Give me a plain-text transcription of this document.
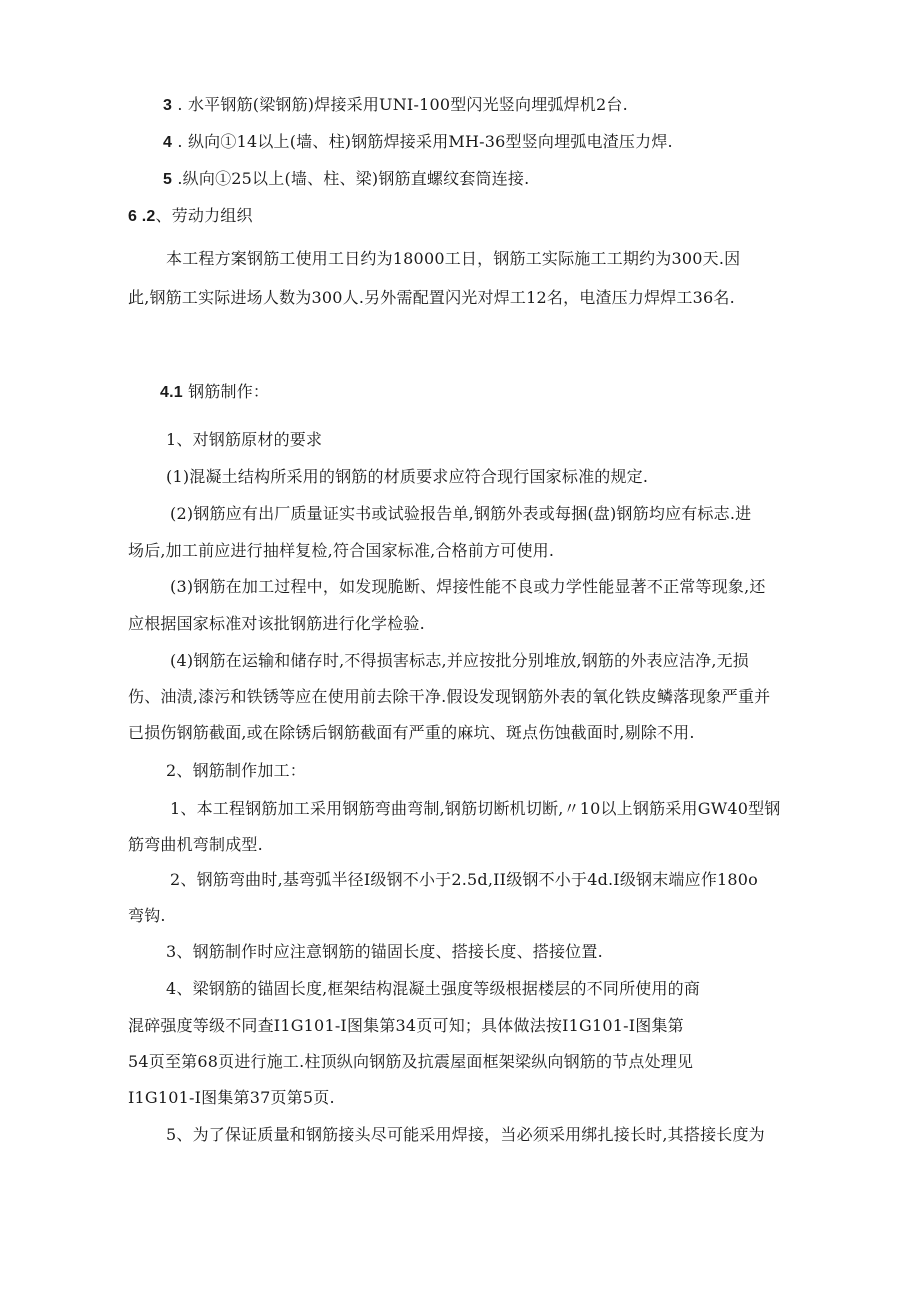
3 . 水平钢筋(梁钢筋)焊接采用UNI-100型闪光竖向埋弧焊机2台.
4 . 纵向①14以上(墙、柱)钢筋焊接采用MH-36型竖向埋弧电渣压力焊.
5 .纵向①25以上(墙、柱、梁)钢筋直螺纹套筒连接.
6 .2、劳动力组织
本工程方案钢筋工使用工日约为18000工日，钢筋工实际施工工期约为300天.因
此,钢筋工实际进场人数为300人.另外需配置闪光对焊工12名，电渣压力焊焊工36名.
4.1 钢筋制作：
1、对钢筋原材的要求
(1)混凝土结构所采用的钢筋的材质要求应符合现行国家标准的规定.
(2)钢筋应有出厂质量证实书或试验报告单,钢筋外表或每捆(盘)钢筋均应有标志.进
场后,加工前应进行抽样复检,符合国家标准,合格前方可使用.
(3)钢筋在加工过程中，如发现脆断、焊接性能不良或力学性能显著不正常等现象,还
应根据国家标准对该批钢筋进行化学检验.
(4)钢筋在运输和储存时,不得损害标志,并应按批分别堆放,钢筋的外表应洁净,无损
伤、油渍,漆污和铁锈等应在使用前去除干净.假设发现钢筋外表的氧化铁皮鳞落现象严重并
已损伤钢筋截面,或在除锈后钢筋截面有严重的麻坑、斑点伤蚀截面时,剔除不用.
2、钢筋制作加工：
1、本工程钢筋加工采用钢筋弯曲弯制,钢筋切断机切断,〃10以上钢筋采用GW40型钢
筋弯曲机弯制成型.
2、钢筋弯曲时,基弯弧半径Ⅰ级钢不小于2.5d,II级钢不小于4d.Ⅰ级钢末端应作180o
弯钩.
3、钢筋制作时应注意钢筋的锚固长度、搭接长度、搭接位置.
4、梁钢筋的锚固长度,框架结构混凝土强度等级根据楼层的不同所使用的商
混碎强度等级不同查I1G101-I图集第34页可知；具体做法按I1G101-I图集第
54页至第68页进行施工.柱顶纵向钢筋及抗震屋面框架梁纵向钢筋的节点处理见
I1G101-I图集第37页第5页.
5、为了保证质量和钢筋接头尽可能采用焊接，当必须采用绑扎接长时,其搭接长度为
